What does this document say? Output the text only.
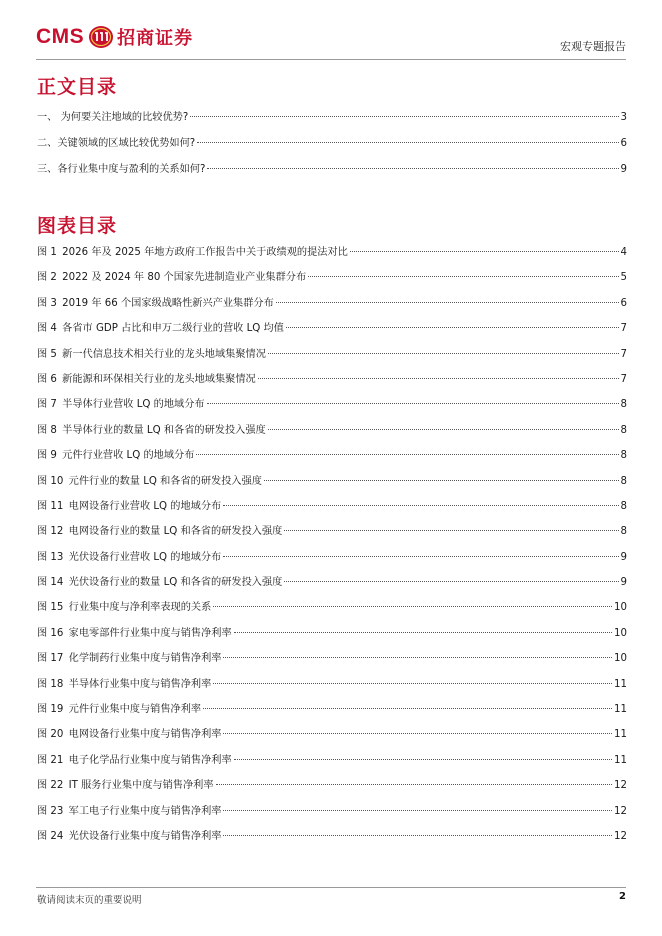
CMS 招商证券	宏观专题报告
正文目录
一、 为何要关注地域的比较优势?	3
二、关键领域的区域比较优势如何?	6
三、各行业集中度与盈利的关系如何?	9
图表目录
图 1 2026 年及 2025 年地方政府工作报告中关于政绩观的提法对比	4
图 2 2022 及 2024 年 80 个国家先进制造业产业集群分布	5
图 3 2019 年 66 个国家级战略性新兴产业集群分布	6
图 4 各省市 GDP 占比和申万二级行业的营收 LQ 均值	7
图 5 新一代信息技术相关行业的龙头地域集聚情况	7
图 6 新能源和环保相关行业的龙头地域集聚情况	7
图 7 半导体行业营收 LQ 的地域分布	8
图 8 半导体行业的数量 LQ 和各省的研发投入强度	8
图 9 元件行业营收 LQ 的地域分布	8
图 10 元件行业的数量 LQ 和各省的研发投入强度	8
图 11 电网设备行业营收 LQ 的地域分布	8
图 12 电网设备行业的数量 LQ 和各省的研发投入强度	8
图 13 光伏设备行业营收 LQ 的地域分布	9
图 14 光伏设备行业的数量 LQ 和各省的研发投入强度	9
图 15 行业集中度与净利率表现的关系	10
图 16 家电零部件行业集中度与销售净利率	10
图 17 化学制药行业集中度与销售净利率	10
图 18 半导体行业集中度与销售净利率	11
图 19 元件行业集中度与销售净利率	11
图 20 电网设备行业集中度与销售净利率	11
图 21 电子化学品行业集中度与销售净利率	11
图 22 IT 服务行业集中度与销售净利率	12
图 23 军工电子行业集中度与销售净利率	12
图 24 光伏设备行业集中度与销售净利率	12
敬请阅读末页的重要说明	2
